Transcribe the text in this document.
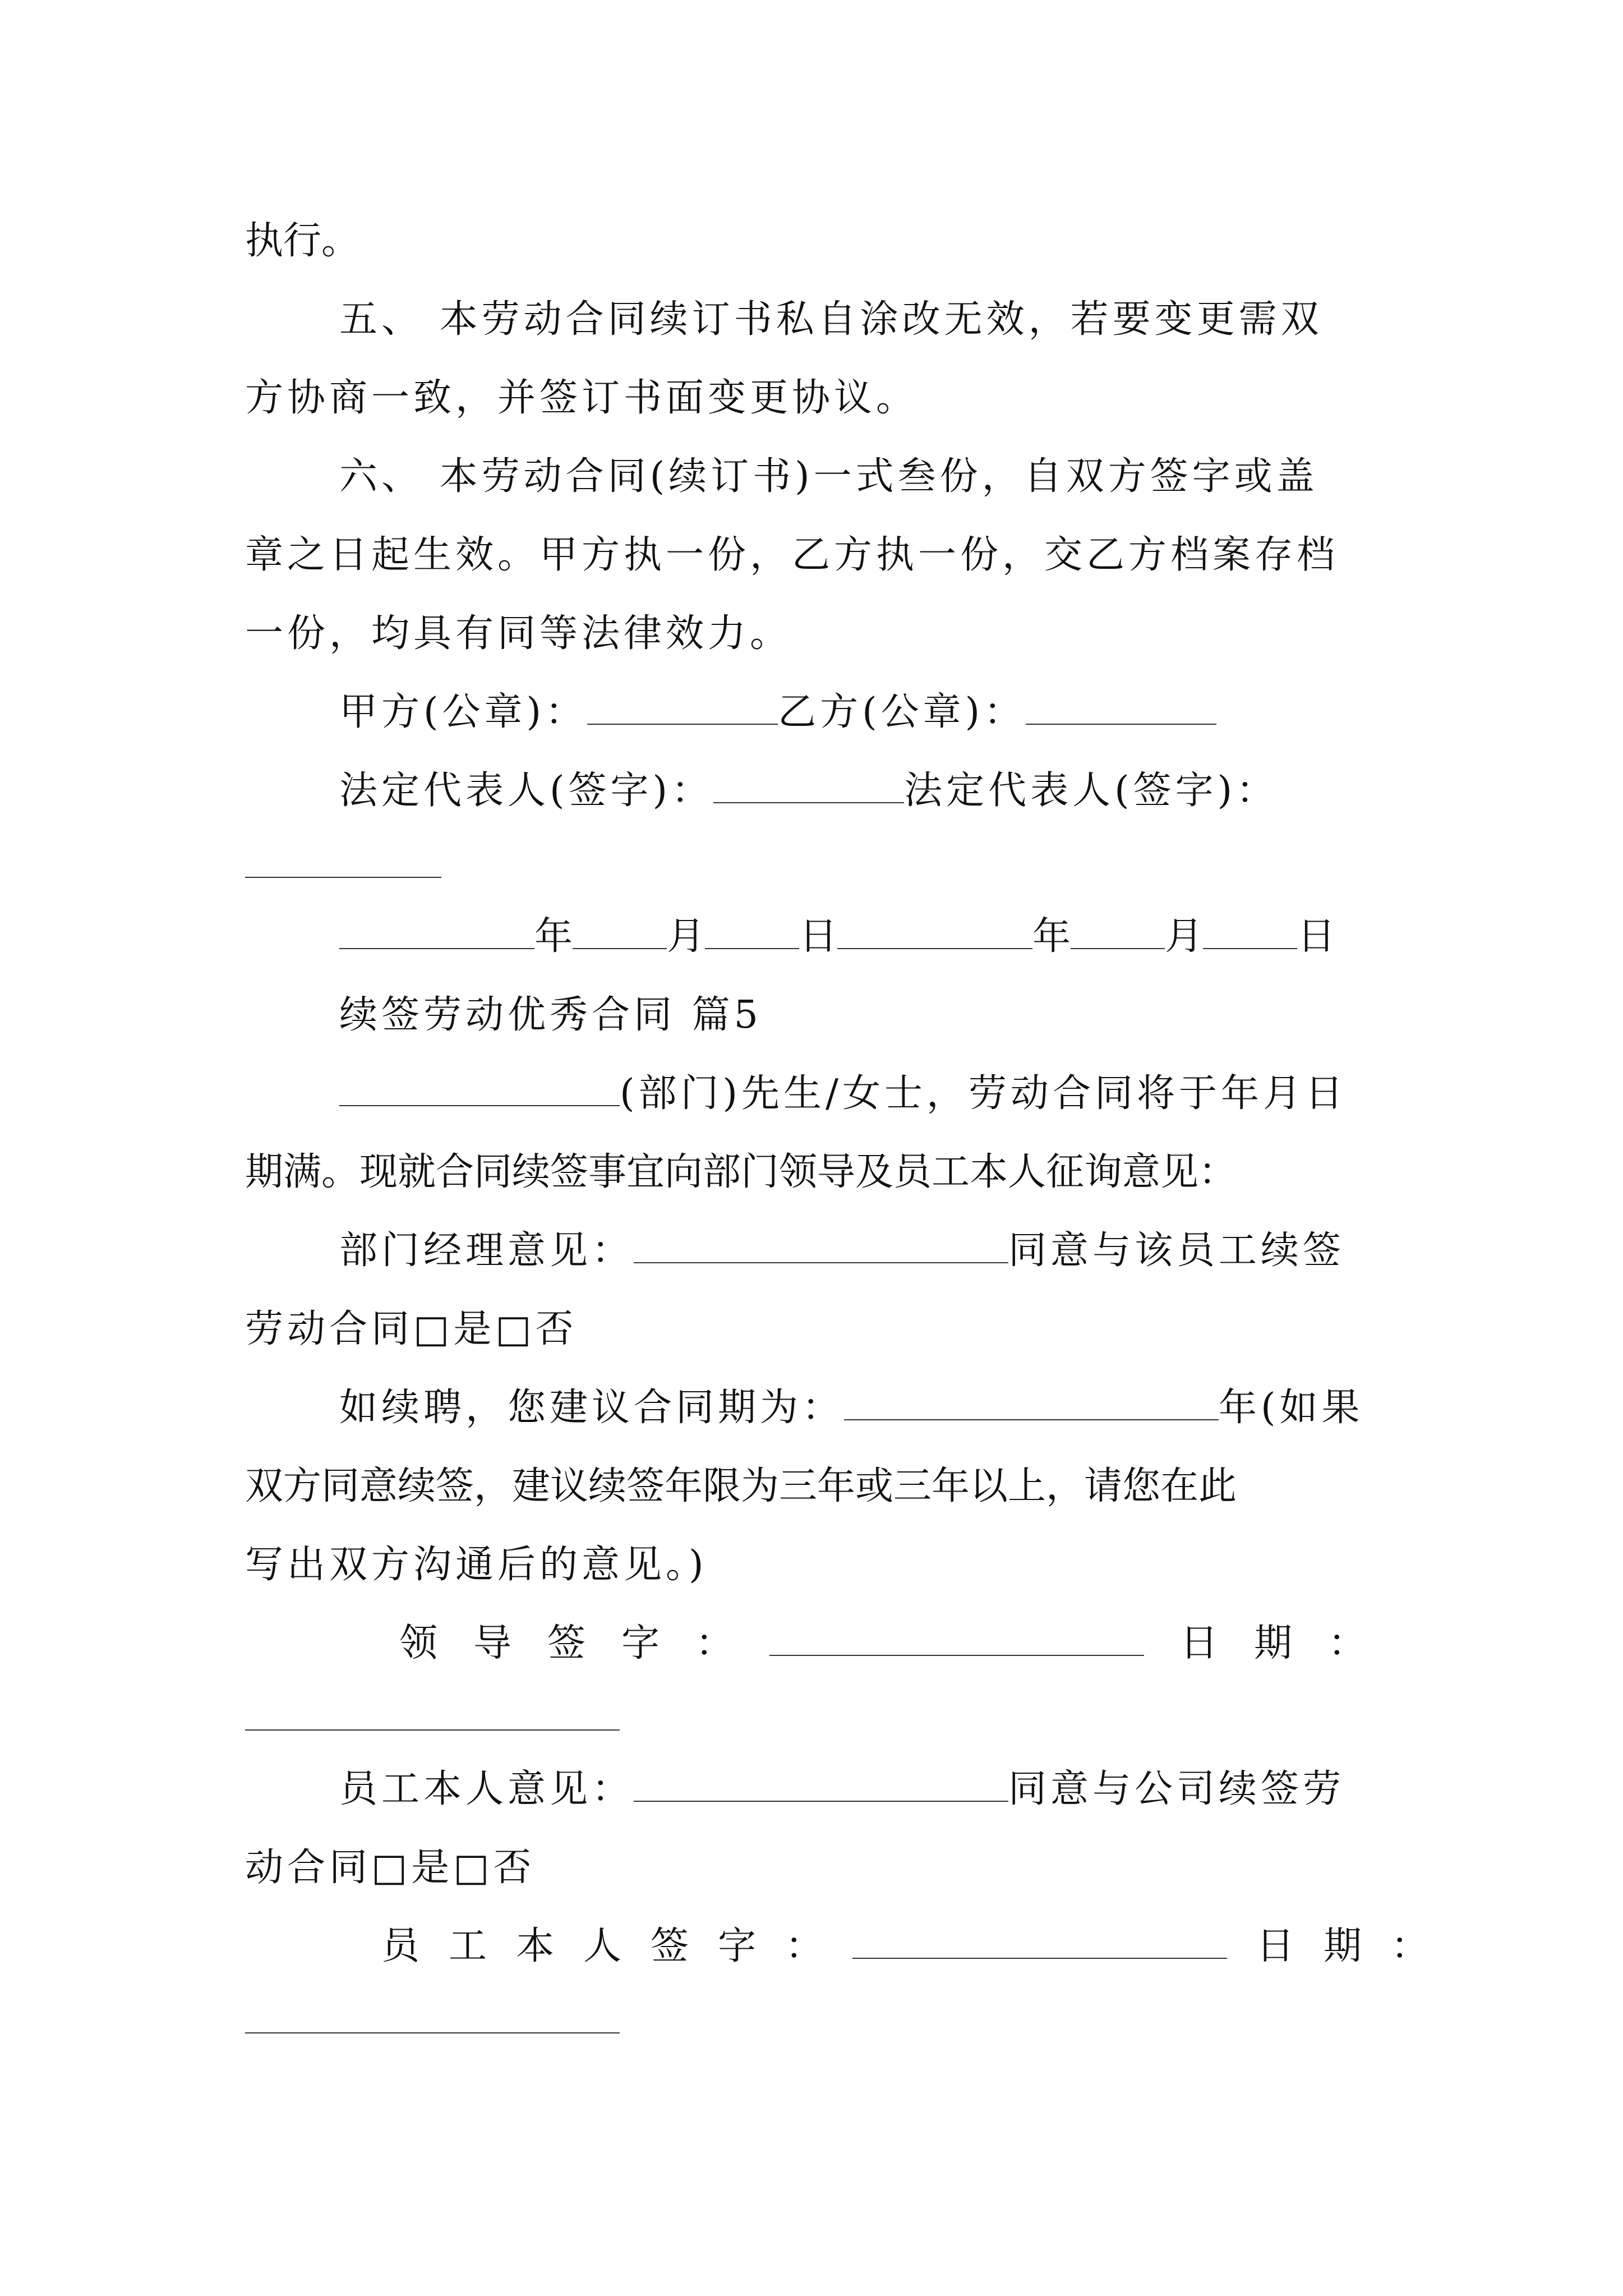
执行。
五、 本劳动合同续订书私自涂改无效，若要变更需双
方协商一致，并签订书面变更协议。
六、 本劳动合同(续订书)一式叁份，自双方签字或盖
章之日起生效。甲方执一份，乙方执一份，交乙方档案存档
一份，均具有同等法律效力。
甲方(公章)：	乙方(公章)：
法定代表人(签字)：	法定代表人(签字)：
年 月 日	年 月 日
续签劳动优秀合同 篇5
(部门)先生/女士，劳动合同将于年月日
期满。现就合同续签事宜向部门领导及员工本人征询意见：
部门经理意见：	同意与该员工续签
劳动合同□是□否
如续聘，您建议合同期为：	年(如果
双方同意续签，建议续签年限为三年或三年以上，请您在此
写出双方沟通后的意见。)
领导签字：	日期：
员工本人意见：	同意与公司续签劳
动合同□是□否
员工本人签字：	日期：
